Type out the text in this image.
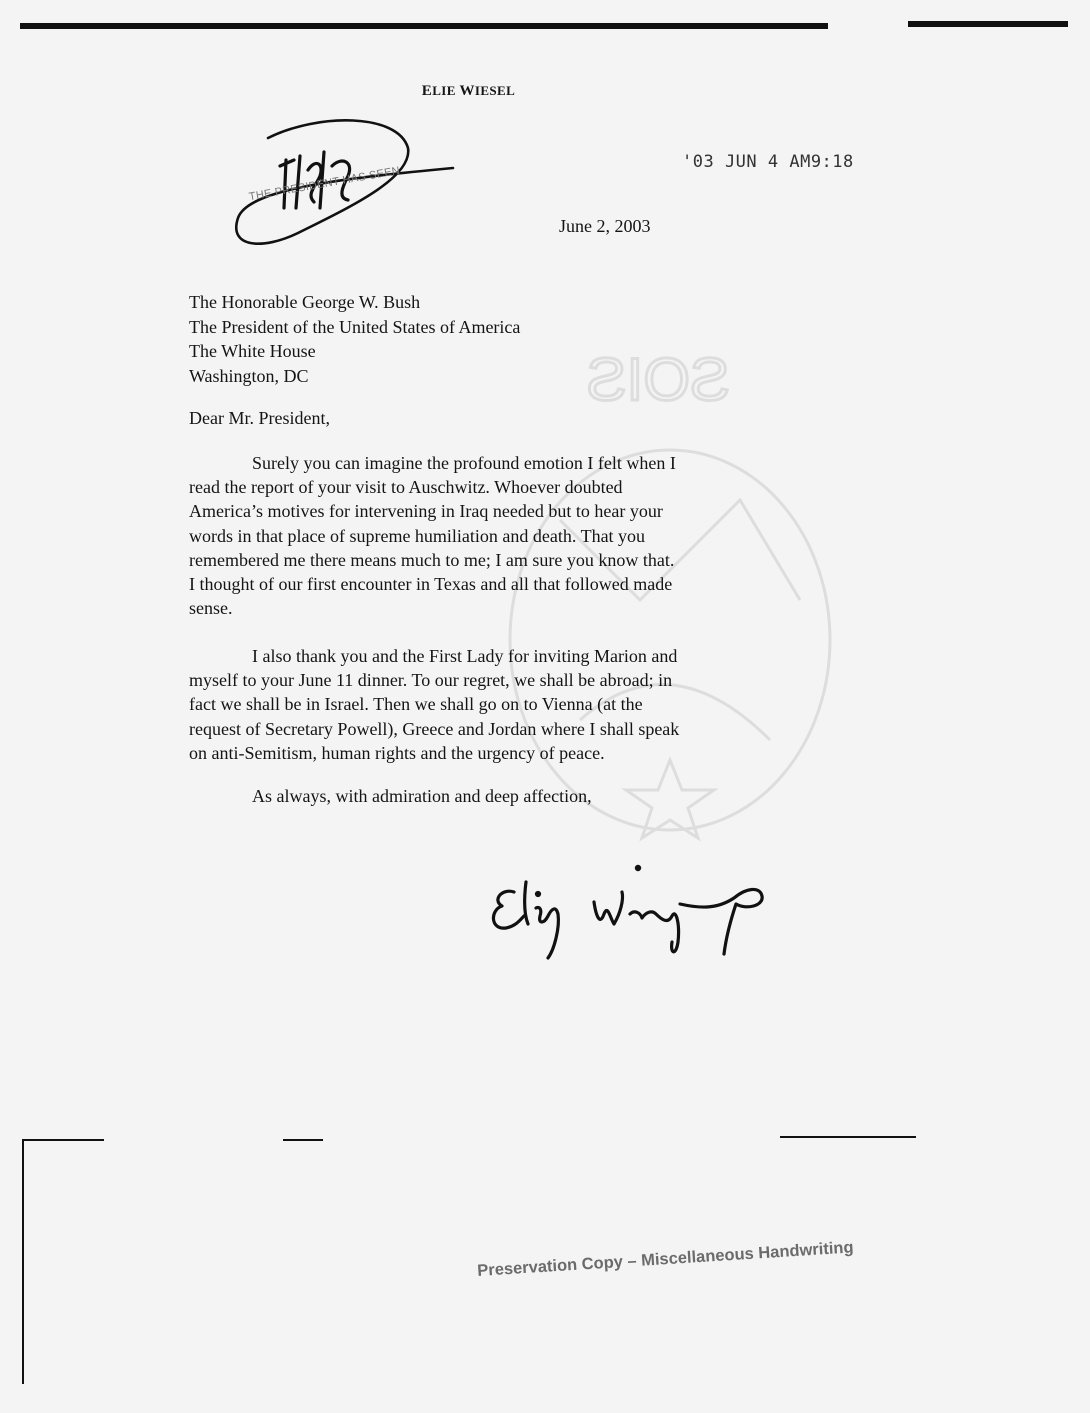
SOIS
ELIE WIESEL
THE PRESIDENT HAS SEEN
'03 JUN 4 AM9:18
June 2, 2003
The Honorable George W. Bush
The President of the United States of America
The White House
Washington, DC
Dear Mr. President,
Surely you can imagine the profound emotion I felt when I
read the report of your visit to Auschwitz. Whoever doubted
America’s motives for intervening in Iraq needed but to hear your
words in that place of supreme humiliation and death. That you
remembered me there means much to me; I am sure you know that.
I thought of our first encounter in Texas and all that followed made
sense.
I also thank you and the First Lady for inviting Marion and
myself to your June 11 dinner. To our regret, we shall be abroad; in
fact we shall be in Israel. Then we shall go on to Vienna (at the
request of Secretary Powell), Greece and Jordan where I shall speak
on anti-Semitism, human rights and the urgency of peace.
As always, with admiration and deep affection,
Preservation Copy – Miscellaneous Handwriting
